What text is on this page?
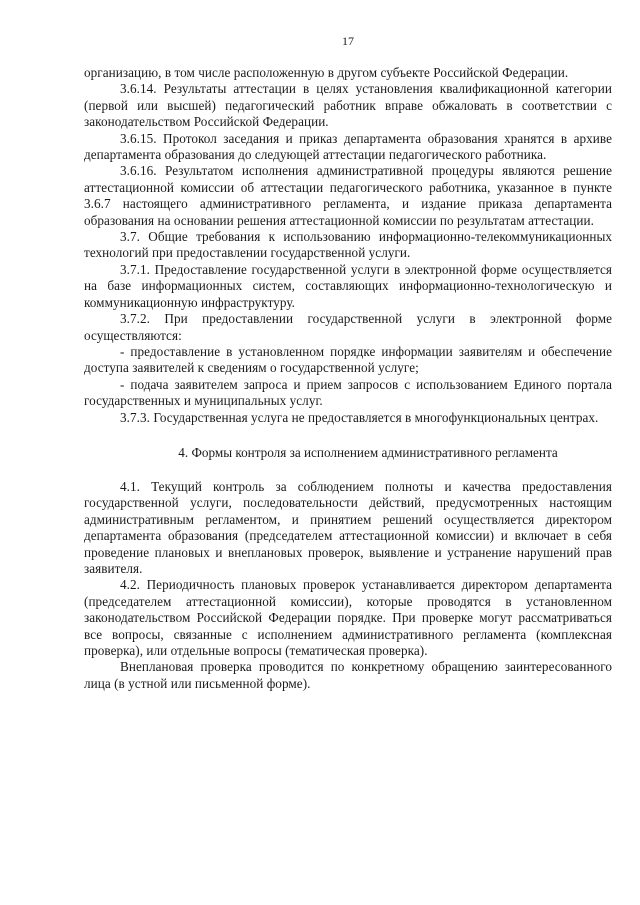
17

организацию, в том числе расположенную в другом субъекте Российской Федерации.

3.6.14. Результаты аттестации в целях установления квалификационной категории (первой или высшей) педагогический работник вправе обжаловать в соответствии с законодательством Российской Федерации.

3.6.15. Протокол заседания и приказ департамента образования хранятся в архиве департамента образования до следующей аттестации педагогического работника.

3.6.16. Результатом исполнения административной процедуры являются решение аттестационной комиссии об аттестации педагогического работника, указанное в пункте 3.6.7 настоящего административного регламента, и издание приказа департамента образования на основании решения аттестационной комиссии по результатам аттестации.

3.7. Общие требования к использованию информационно-телекоммуникационных технологий при предоставлении государственной услуги.

3.7.1. Предоставление государственной услуги в электронной форме осуществляется на базе информационных систем, составляющих информационно-технологическую и коммуникационную инфраструктуру.

3.7.2. При предоставлении государственной услуги в электронной форме осуществляются:

- предоставление в установленном порядке информации заявителям и обеспечение доступа заявителей к сведениям о государственной услуге;

- подача заявителем запроса и прием запросов с использованием Единого портала государственных и муниципальных услуг.

3.7.3. Государственная услуга не предоставляется в многофункциональных центрах.

4. Формы контроля за исполнением административного регламента

4.1. Текущий контроль за соблюдением полноты и качества предоставления государственной услуги, последовательности действий, предусмотренных настоящим административным регламентом, и принятием решений осуществляется директором департамента образования (председателем аттестационной комиссии) и включает в себя проведение плановых и внеплановых проверок, выявление и устранение нарушений прав заявителя.

4.2. Периодичность плановых проверок устанавливается директором департамента (председателем аттестационной комиссии), которые проводятся в установленном законодательством Российской Федерации порядке. При проверке могут рассматриваться все вопросы, связанные с исполнением административного регламента (комплексная проверка), или отдельные вопросы (тематическая проверка).

Внеплановая проверка проводится по конкретному обращению заинтересованного лица (в устной или письменной форме).
